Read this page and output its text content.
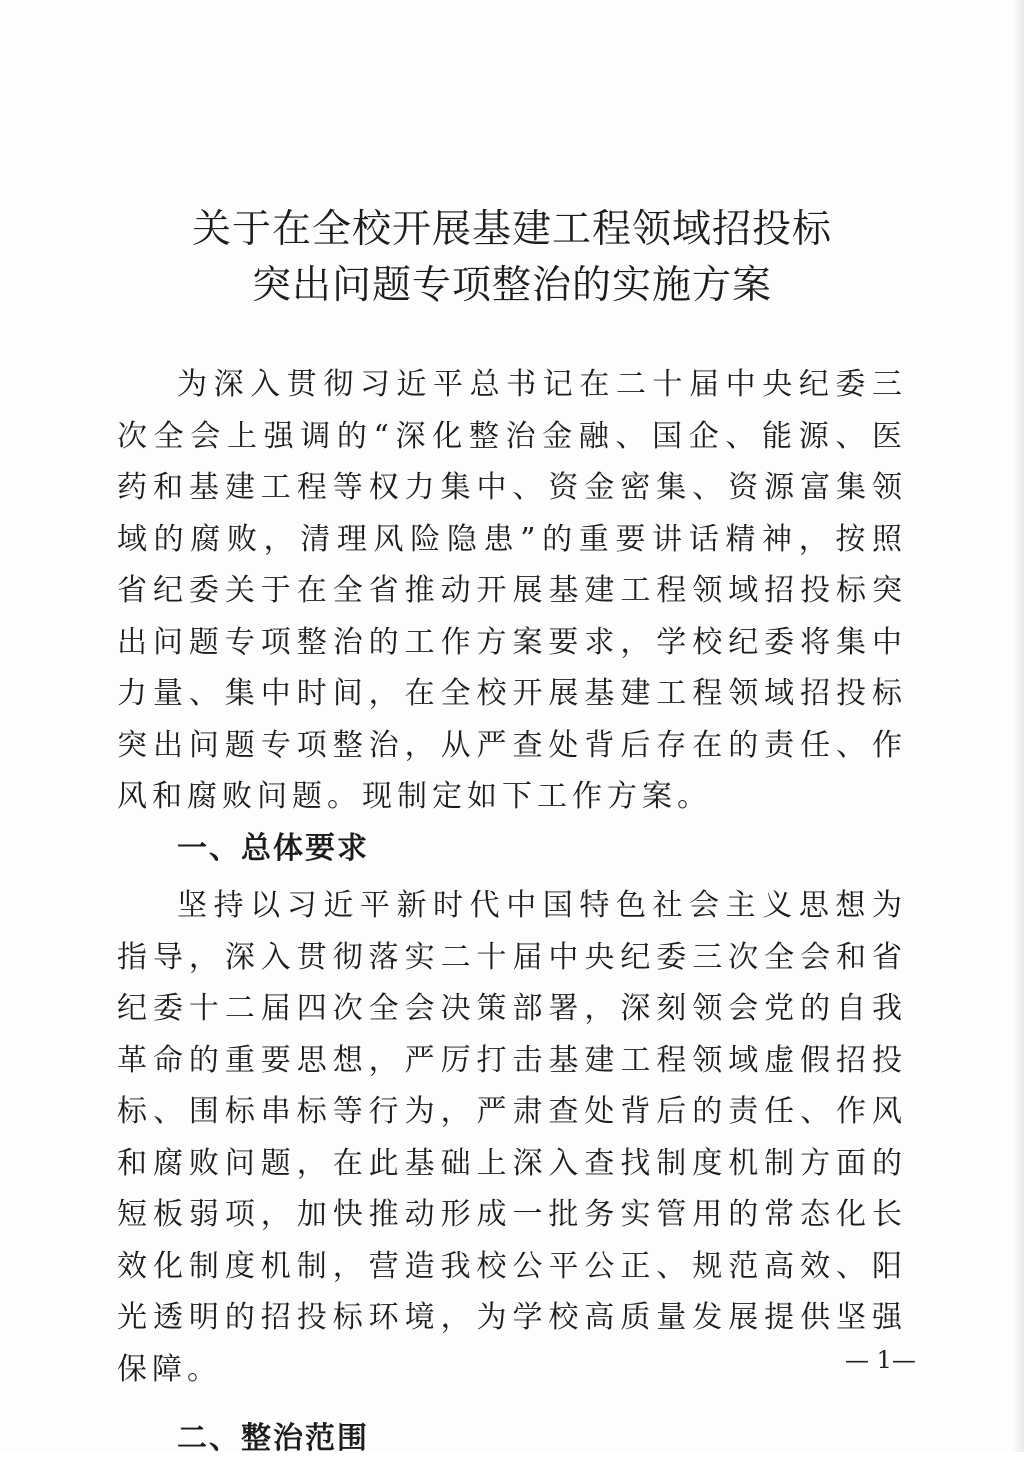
关于在全校开展基建工程领域招投标
突出问题专项整治的实施方案

为深入贯彻习近平总书记在二十届中央纪委三次全会上强调的“深化整治金融、国企、能源、医药和基建工程等权力集中、资金密集、资源富集领域的腐败，清理风险隐患”的重要讲话精神，按照省纪委关于在全省推动开展基建工程领域招投标突出问题专项整治的工作方案要求，学校纪委将集中力量、集中时间，在全校开展基建工程领域招投标突出问题专项整治，从严查处背后存在的责任、作风和腐败问题。现制定如下工作方案。

一、总体要求

坚持以习近平新时代中国特色社会主义思想为指导，深入贯彻落实二十届中央纪委三次全会和省纪委十二届四次全会决策部署，深刻领会党的自我革命的重要思想，严厉打击基建工程领域虚假招投标、围标串标等行为，严肃查处背后的责任、作风和腐败问题，在此基础上深入查找制度机制方面的短板弱项，加快推动形成一批务实管用的常态化长效化制度机制，营造我校公平公正、规范高效、阳光透明的招投标环境，为学校高质量发展提供坚强保障。

二、整治范围

— 1—
